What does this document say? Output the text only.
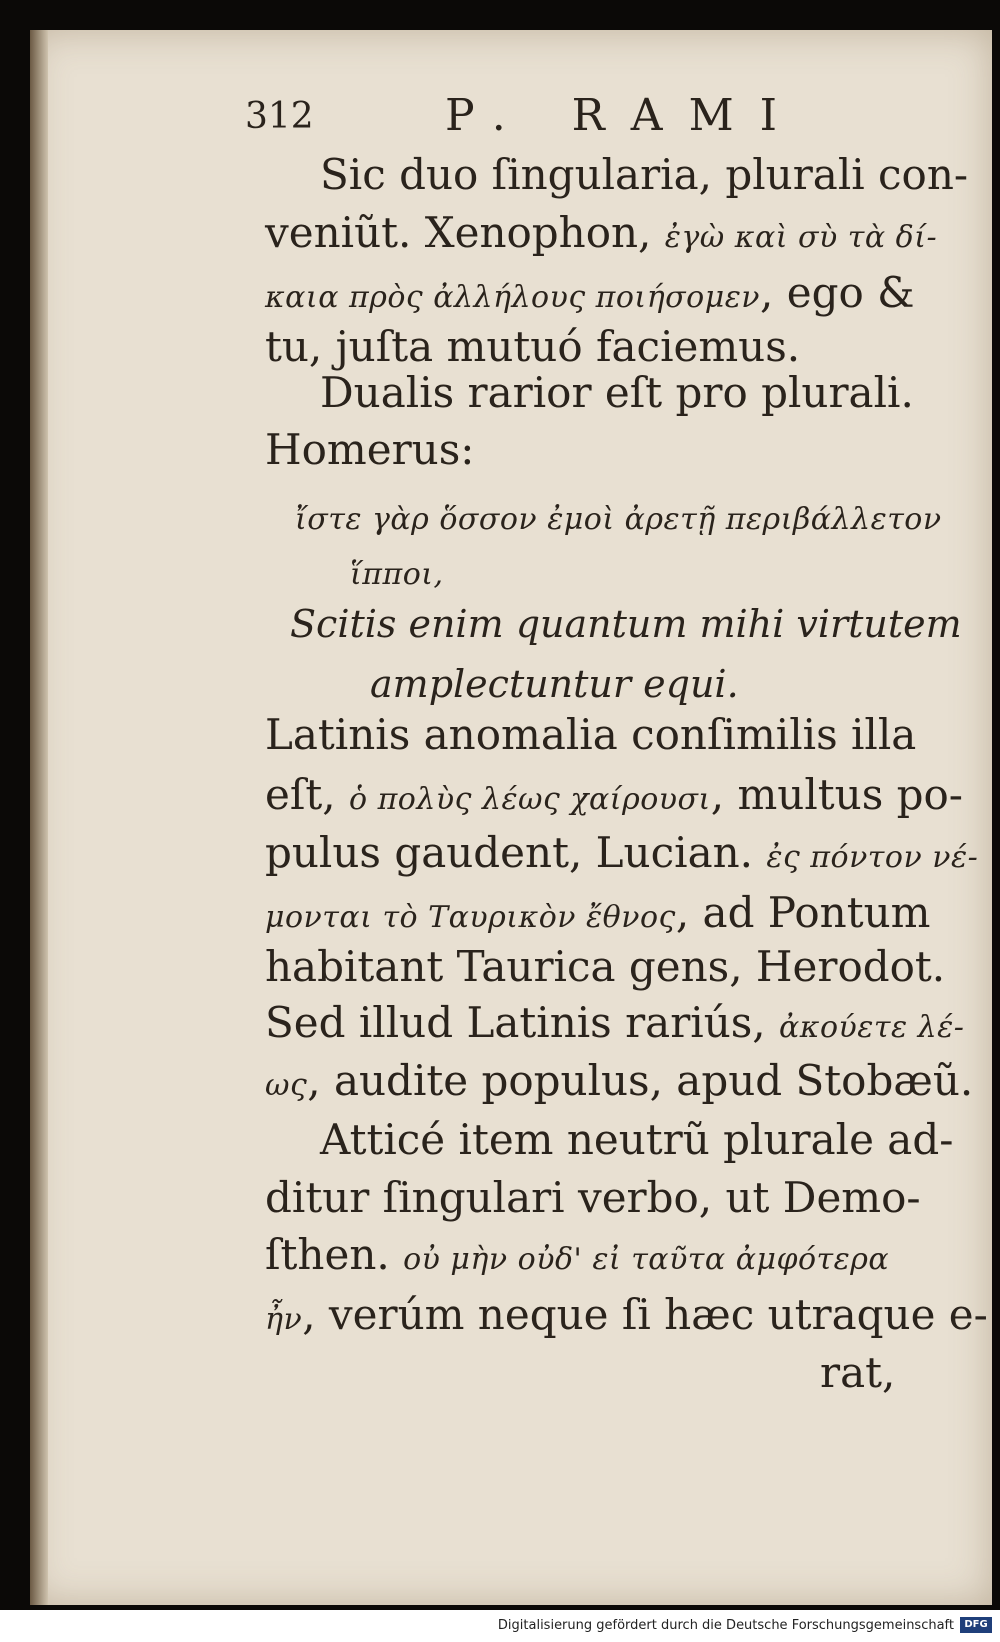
312	P. RAMI
Sic duo ſingularia, plurali con-
veniũt. Xenophon, ἐγὼ καὶ σὺ τὰ δί-
καια πρὸς ἀλλήλους ποιήσομεν, ego &
tu, juſta mutuó faciemus.
Dualis rarior eſt pro plurali.
Homerus:
ἴστε γὰρ ὅσσον ἐμοὶ ἀρετῇ περιβάλλετον
ἵπποι,
Scitis enim quantum mihi virtutem
amplectuntur equi.
Latinis anomalia conſimilis illa
eſt, ὁ πολὺς λέως χαίρουσι, multus po-
pulus gaudent, Lucian. ἐς πόντον νέ-
μονται τὸ Ταυρικὸν ἔθνος, ad Pontum
habitant Taurica gens, Herodot.
Sed illud Latinis rariús, ἀκούετε λέ-
ως, audite populus, apud Stobæũ.
Atticé item neutrũ plurale ad-
ditur ſingulari verbo, ut Demo-
ſthen. οὐ μὴν οὐδ' εἰ ταῦτα ἀμφότερα
ἦν, verúm neque ſi hæc utraque e-
rat,
Digitalisierung gefördert durch die Deutsche Forschungsgemeinschaft	DFG
